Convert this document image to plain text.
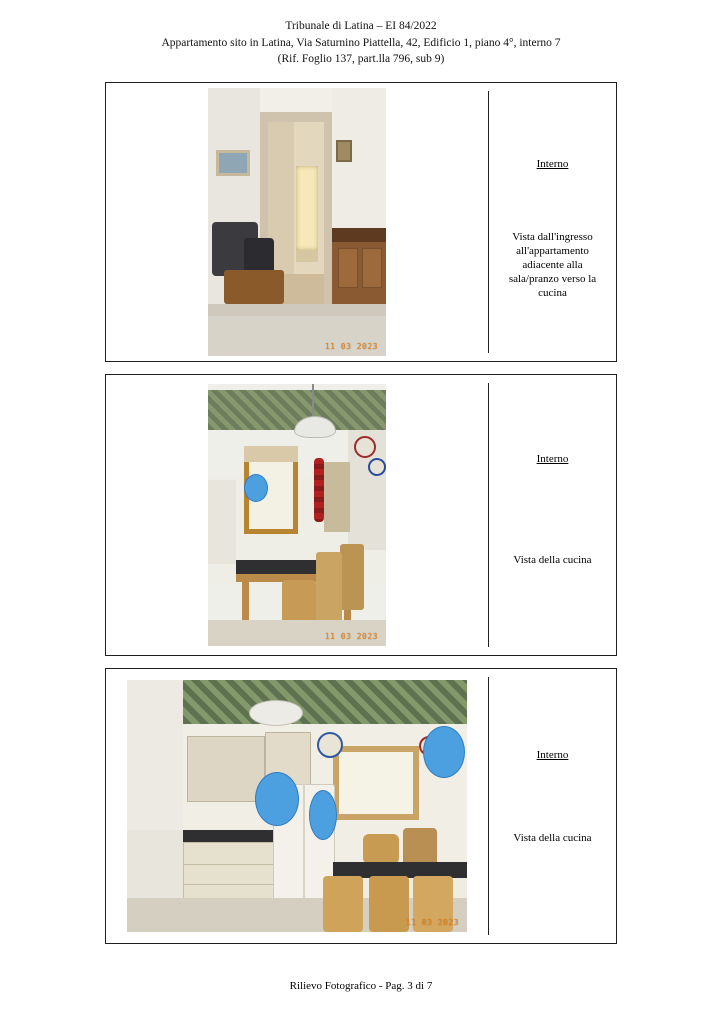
Tribunale di Latina – EI 84/2022
Appartamento sito in Latina, Via Saturnino Piattella, 42, Edificio 1, piano 4°, interno 7
(Rif. Foglio 137, part.lla 796, sub 9)
11 03 2023
Interno
Vista dall'ingresso all'appartamento adiacente alla sala/pranzo verso la cucina
11 03 2023
Interno
Vista della cucina
11 03 2023
Interno
Vista della cucina
Rilievo Fotografico - Pag. 3 di 7
